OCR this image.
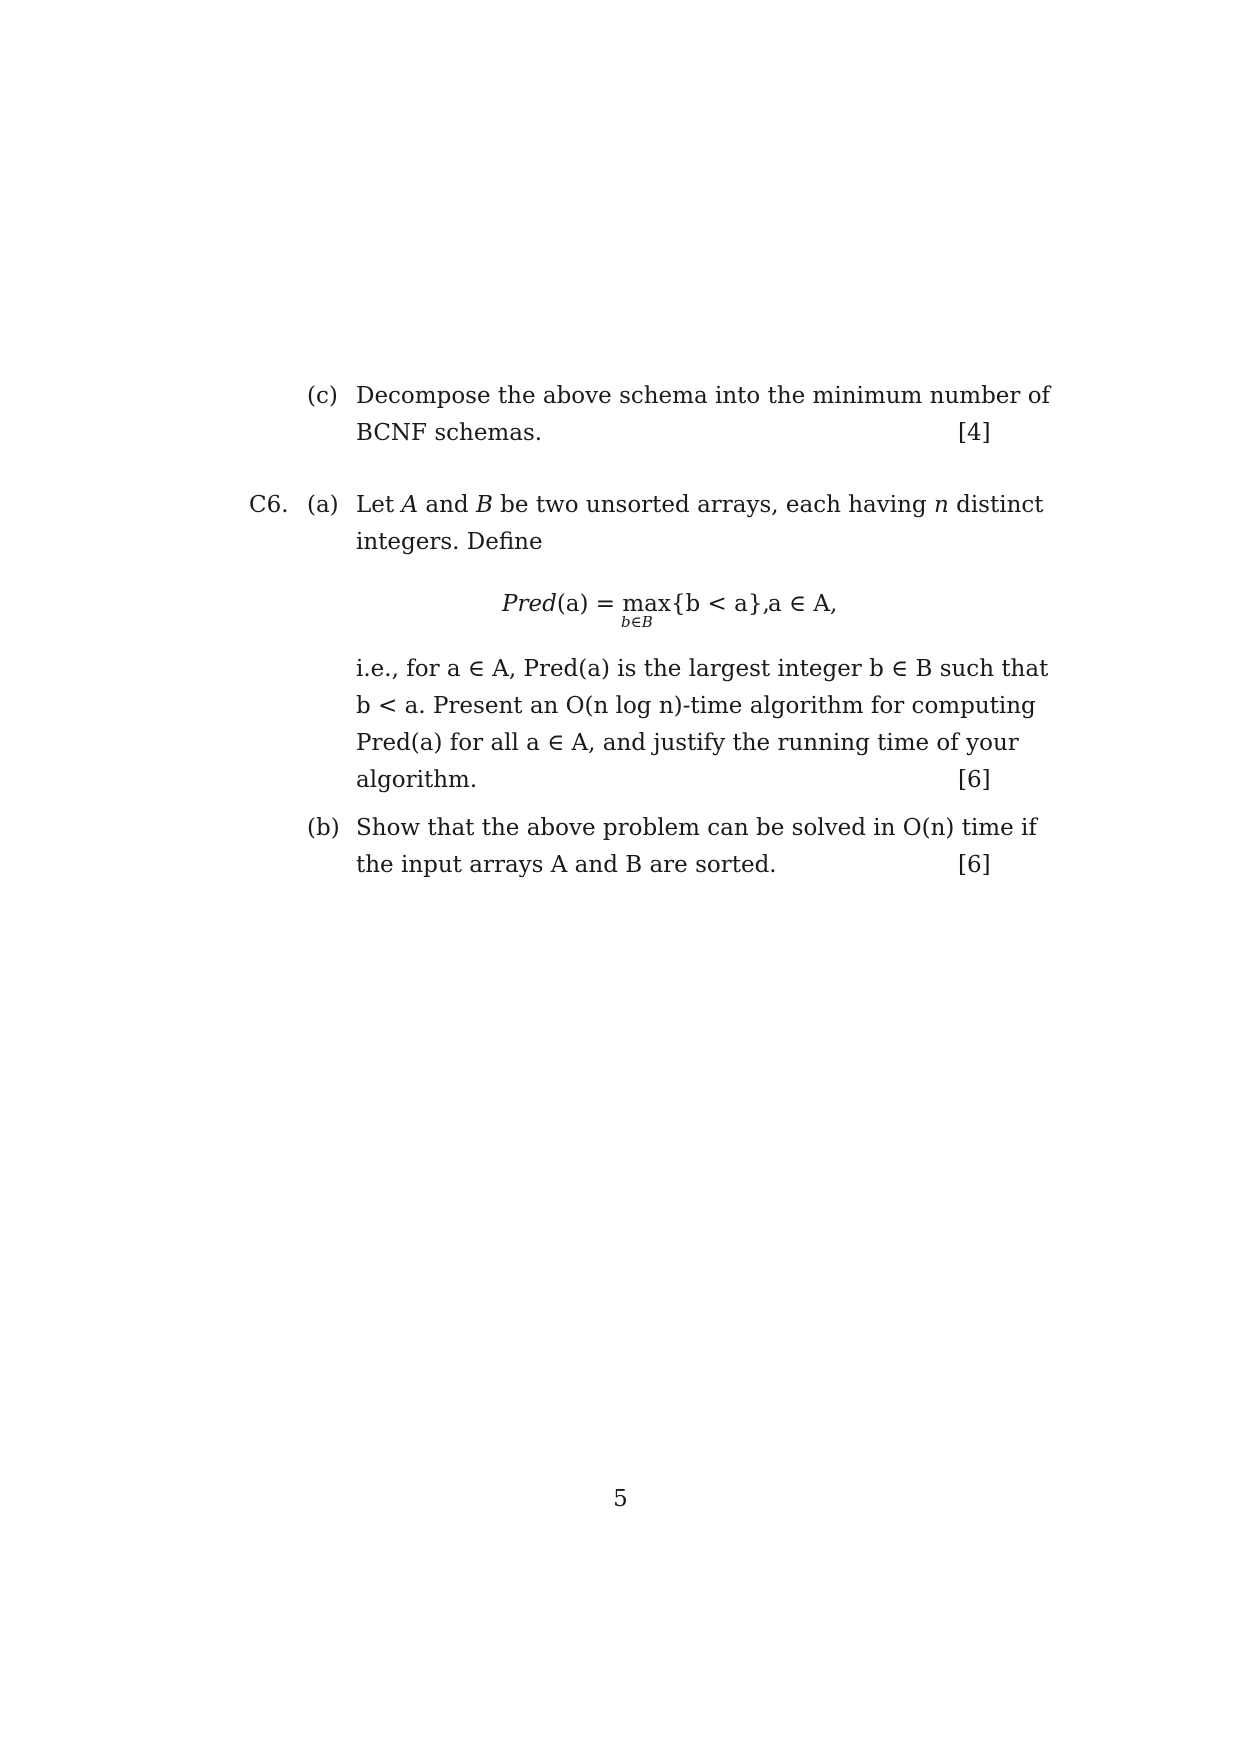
(c) Decompose the above schema into the minimum number of
BCNF schemas.	[4]
C6. (a) Let A and B be two unsorted arrays, each having n distinct
integers. Define
Pred(a) = max{b < a},
b∈B
a ∈ A,
i.e., for a ∈ A, Pred(a) is the largest integer b ∈ B such that
b < a. Present an O(n log n)-time algorithm for computing
Pred(a) for all a ∈ A, and justify the running time of your
algorithm.	[6]
(b) Show that the above problem can be solved in O(n) time if
the input arrays A and B are sorted.	[6]
5
